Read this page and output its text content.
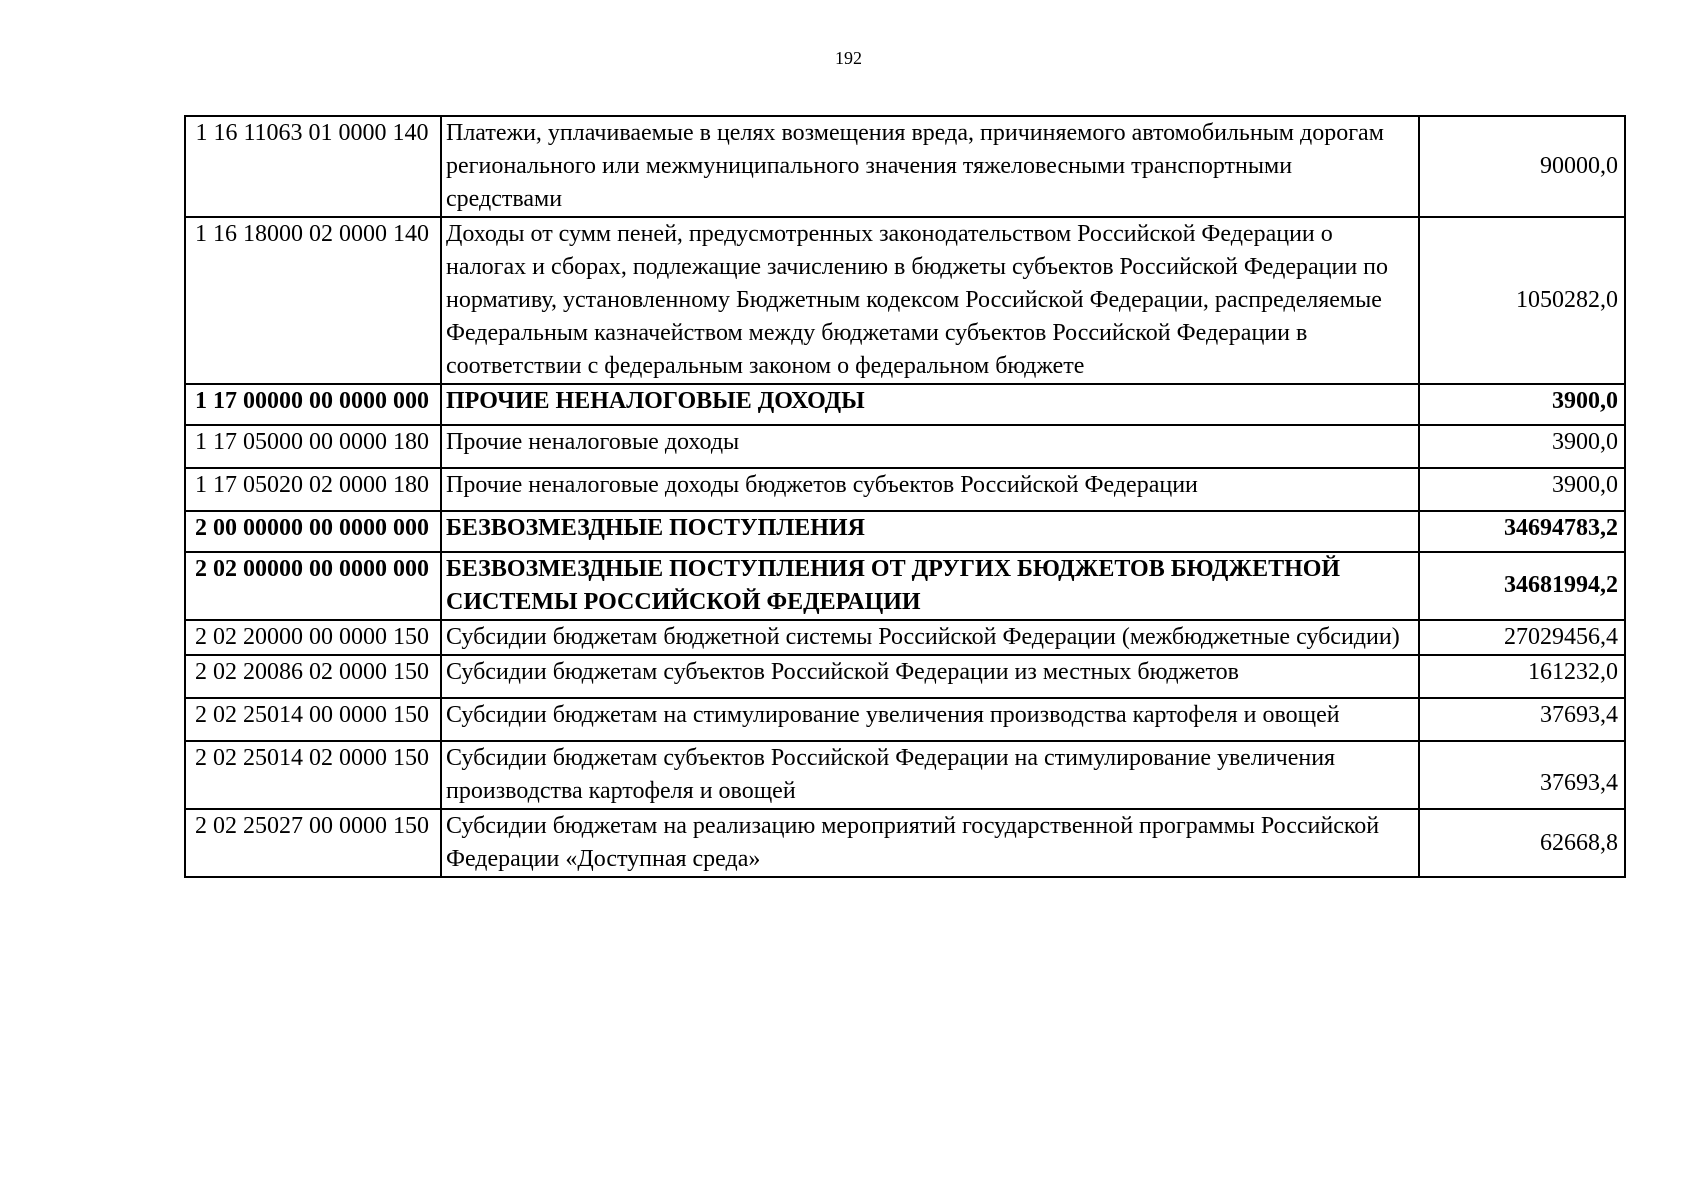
192
1 16 11063 01 0000 140	Платежи, уплачиваемые в целях возмещения вреда, причиняемого автомобильным дорогам регионального или межмуниципального значения тяжеловесными транспортными средствами	90000,0
1 16 18000 02 0000 140	Доходы от сумм пеней, предусмотренных законодательством Российской Федерации о налогах и сборах, подлежащие зачислению в бюджеты субъектов Российской Федерации по нормативу, установленному Бюджетным кодексом Российской Федерации, распределяемые Федеральным казначейством между бюджетами субъектов Российской Федерации в соответствии с федеральным законом о федеральном бюджете	1050282,0
1 17 00000 00 0000 000	ПРОЧИЕ НЕНАЛОГОВЫЕ ДОХОДЫ	3900,0
1 17 05000 00 0000 180	Прочие неналоговые доходы	3900,0
1 17 05020 02 0000 180	Прочие неналоговые доходы бюджетов субъектов Российской Федерации	3900,0
2 00 00000 00 0000 000	БЕЗВОЗМЕЗДНЫЕ ПОСТУПЛЕНИЯ	34694783,2
2 02 00000 00 0000 000	БЕЗВОЗМЕЗДНЫЕ ПОСТУПЛЕНИЯ ОТ ДРУГИХ БЮДЖЕТОВ БЮДЖЕТНОЙ СИСТЕМЫ РОССИЙСКОЙ ФЕДЕРАЦИИ	34681994,2
2 02 20000 00 0000 150	Субсидии бюджетам бюджетной системы Российской Федерации (межбюджетные субсидии)	27029456,4
2 02 20086 02 0000 150	Субсидии бюджетам субъектов Российской Федерации из местных бюджетов	161232,0
2 02 25014 00 0000 150	Субсидии бюджетам на стимулирование увеличения производства картофеля и овощей	37693,4
2 02 25014 02 0000 150	Субсидии бюджетам субъектов Российской Федерации на стимулирование увеличения производства картофеля и овощей	37693,4
2 02 25027 00 0000 150	Субсидии бюджетам на реализацию мероприятий государственной программы Российской Федерации «Доступная среда»	62668,8
